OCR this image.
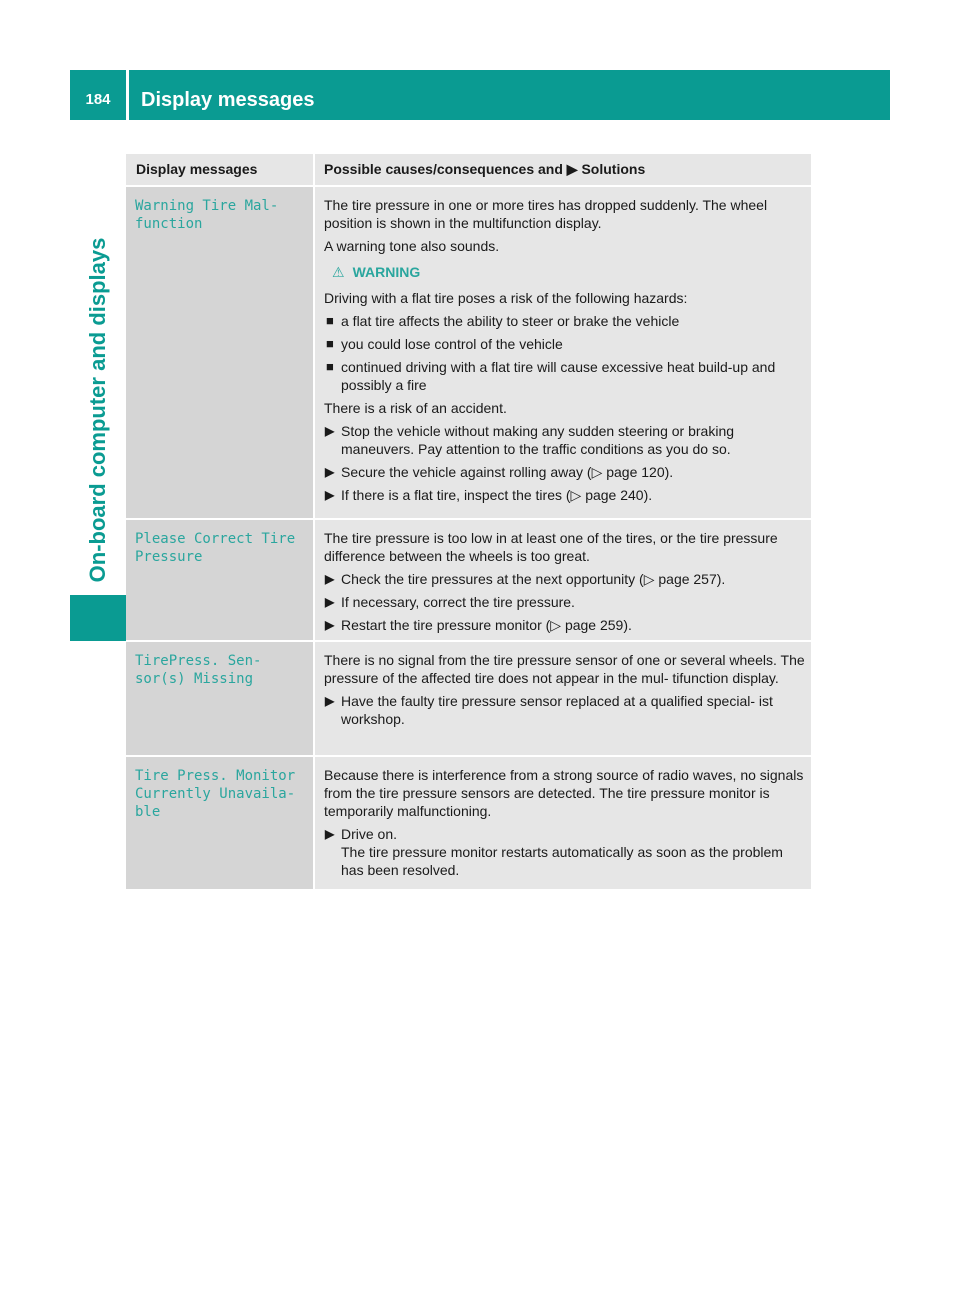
184	Display messages
On-board computer and displays
Display messages	Possible causes/consequences and ▶ Solutions
Warning Tire Mal‐
function

The tire pressure in one or more tires has dropped suddenly. The wheel position is shown in the multifunction display.

A warning tone also sounds.

⚠ WARNING

Driving with a flat tire poses a risk of the following hazards:

■ a flat tire affects the ability to steer or brake the vehicle
■ you could lose control of the vehicle
■ continued driving with a flat tire will cause excessive heat build-up and possibly a fire

There is a risk of an accident.

▶ Stop the vehicle without making any sudden steering or braking maneuvers. Pay attention to the traffic conditions as you do so.
▶ Secure the vehicle against rolling away (▷ page 120).
▶ If there is a flat tire, inspect the tires (▷ page 240).
Please Correct Tire
Pressure

The tire pressure is too low in at least one of the tires, or the tire pressure difference between the wheels is too great.

▶ Check the tire pressures at the next opportunity (▷ page 257).
▶ If necessary, correct the tire pressure.
▶ Restart the tire pressure monitor (▷ page 259).
TirePress. Sen‐
sor(s) Missing

There is no signal from the tire pressure sensor of one or several wheels. The pressure of the affected tire does not appear in the mul‐ tifunction display.

▶ Have the faulty tire pressure sensor replaced at a qualified special‐ ist workshop.
Tire Press. Monitor
Currently Unavaila‐
ble

Because there is interference from a strong source of radio waves, no signals from the tire pressure sensors are detected. The tire pressure monitor is temporarily malfunctioning.

▶ Drive on.
The tire pressure monitor restarts automatically as soon as the problem has been resolved.
